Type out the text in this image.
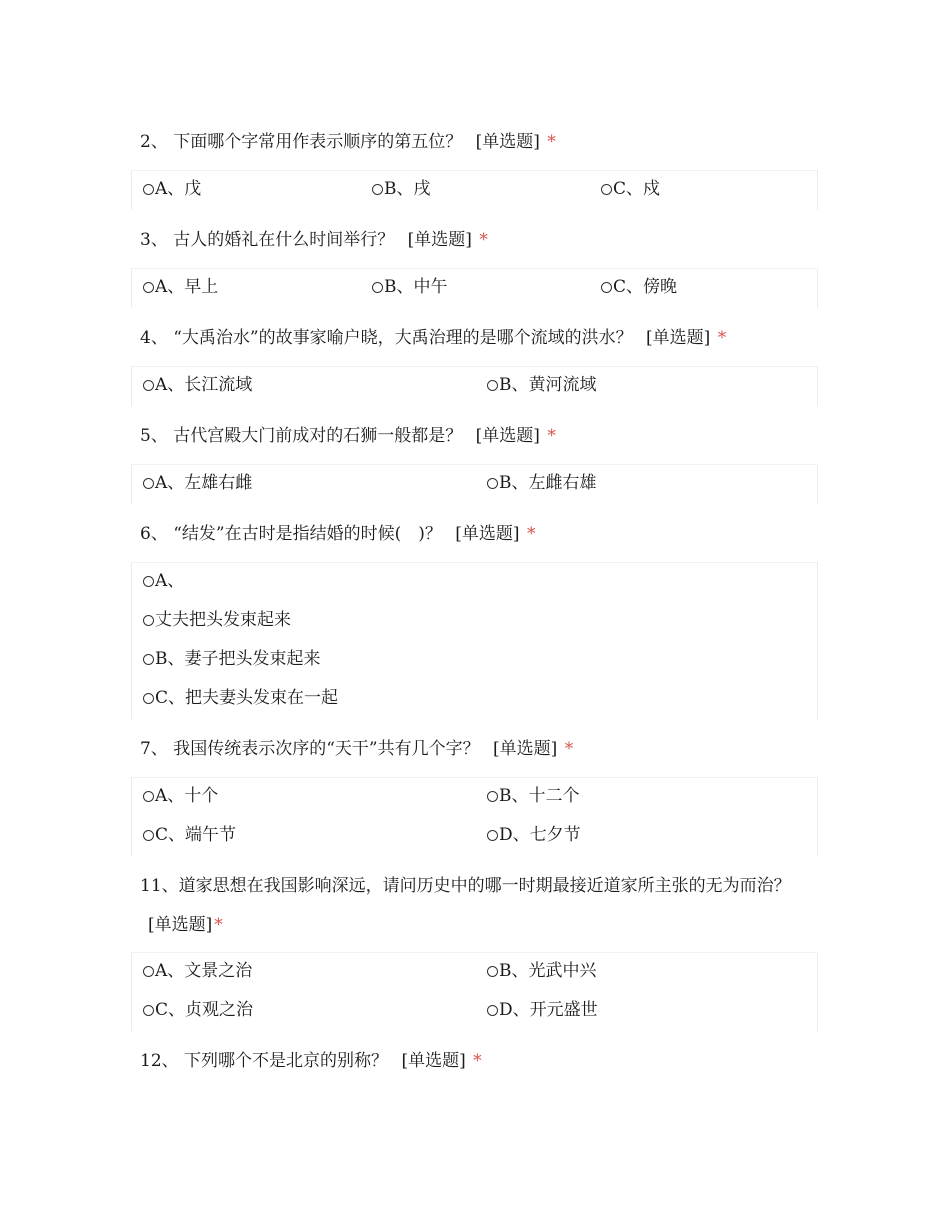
2、 下面哪个字常用作表示顺序的第五位？ [单选题] *
A、戊	B、戌	C、戍
3、 古人的婚礼在什么时间举行？ [单选题] *
A、早上	B、中午	C、傍晚
4、 “大禹治水”的故事家喻户晓，大禹治理的是哪个流域的洪水？ [单选题] *
A、长江流域	B、黄河流域
5、 古代宫殿大门前成对的石狮一般都是？ [单选题] *
A、左雄右雌	B、左雌右雄
6、 “结发”在古时是指结婚的时候(　)？ [单选题] *
A、
丈夫把头发束起来
B、妻子把头发束起来
C、把夫妻头发束在一起
7、 我国传统表示次序的“天干”共有几个字？ [单选题] *
A、十个	B、十二个
C、端午节	D、七夕节
11、道家思想在我国影响深远，请问历史中的哪一时期最接近道家所主张的无为而治？[单选题] *
A、文景之治	B、光武中兴
C、贞观之治	D、开元盛世
12、 下列哪个不是北京的别称？ [单选题] *
